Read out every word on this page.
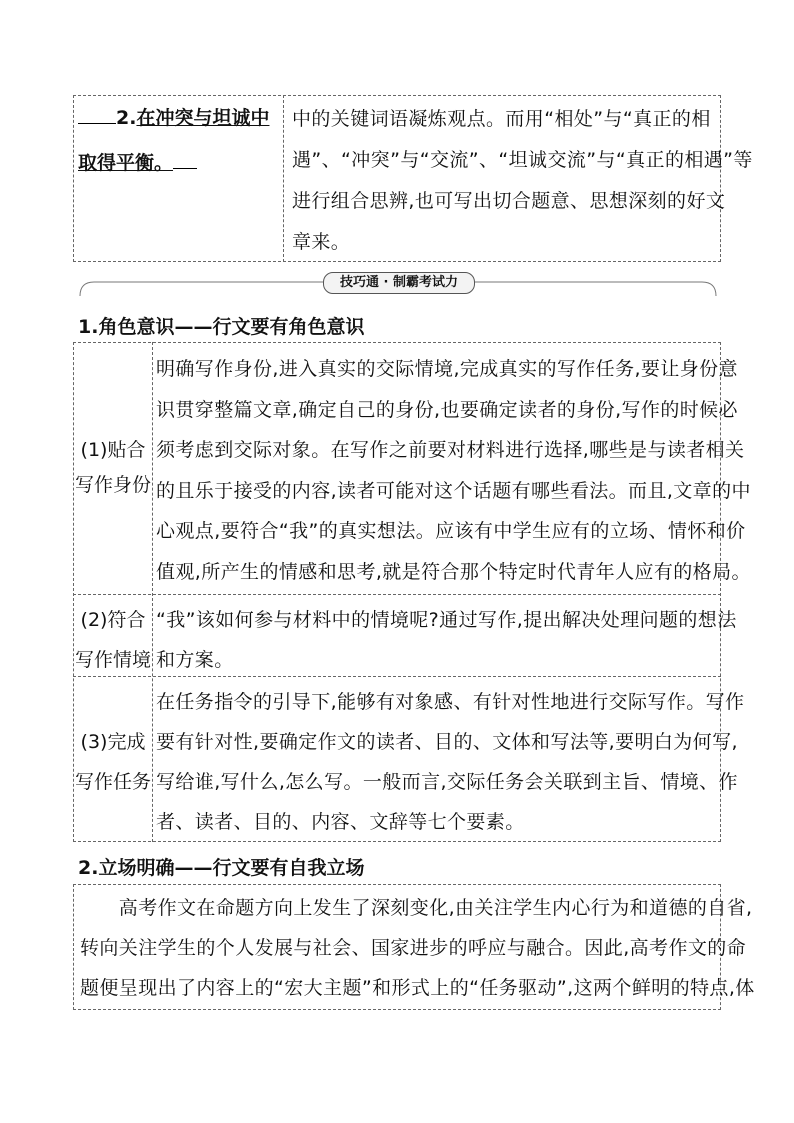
2.在冲突与坦诚中
取得平衡。
中的关键词语凝炼观点。而用“相处”与“真正的相
遇”、“冲突”与“交流”、“坦诚交流”与“真正的相遇”等
进行组合思辨,也可写出切合题意、思想深刻的好文
章来。
技巧通 · 制霸考试力
1.角色意识——行文要有角色意识
(1)贴合
写作身份
明确写作身份,进入真实的交际情境,完成真实的写作任务,要让身份意
识贯穿整篇文章,确定自己的身份,也要确定读者的身份,写作的时候必
须考虑到交际对象。在写作之前要对材料进行选择,哪些是与读者相关
的且乐于接受的内容,读者可能对这个话题有哪些看法。而且,文章的中
心观点,要符合“我”的真实想法。应该有中学生应有的立场、情怀和价
值观,所产生的情感和思考,就是符合那个特定时代青年人应有的格局。
(2)符合
写作情境
“我”该如何参与材料中的情境呢?通过写作,提出解决处理问题的想法
和方案。
(3)完成
写作任务
在任务指令的引导下,能够有对象感、有针对性地进行交际写作。写作
要有针对性,要确定作文的读者、目的、文体和写法等,要明白为何写,
写给谁,写什么,怎么写。一般而言,交际任务会关联到主旨、情境、作
者、读者、目的、内容、文辞等七个要素。
2.立场明确——行文要有自我立场
　　高考作文在命题方向上发生了深刻变化,由关注学生内心行为和道德的自省,
转向关注学生的个人发展与社会、国家进步的呼应与融合。因此,高考作文的命
题便呈现出了内容上的“宏大主题”和形式上的“任务驱动”,这两个鲜明的特点,体
